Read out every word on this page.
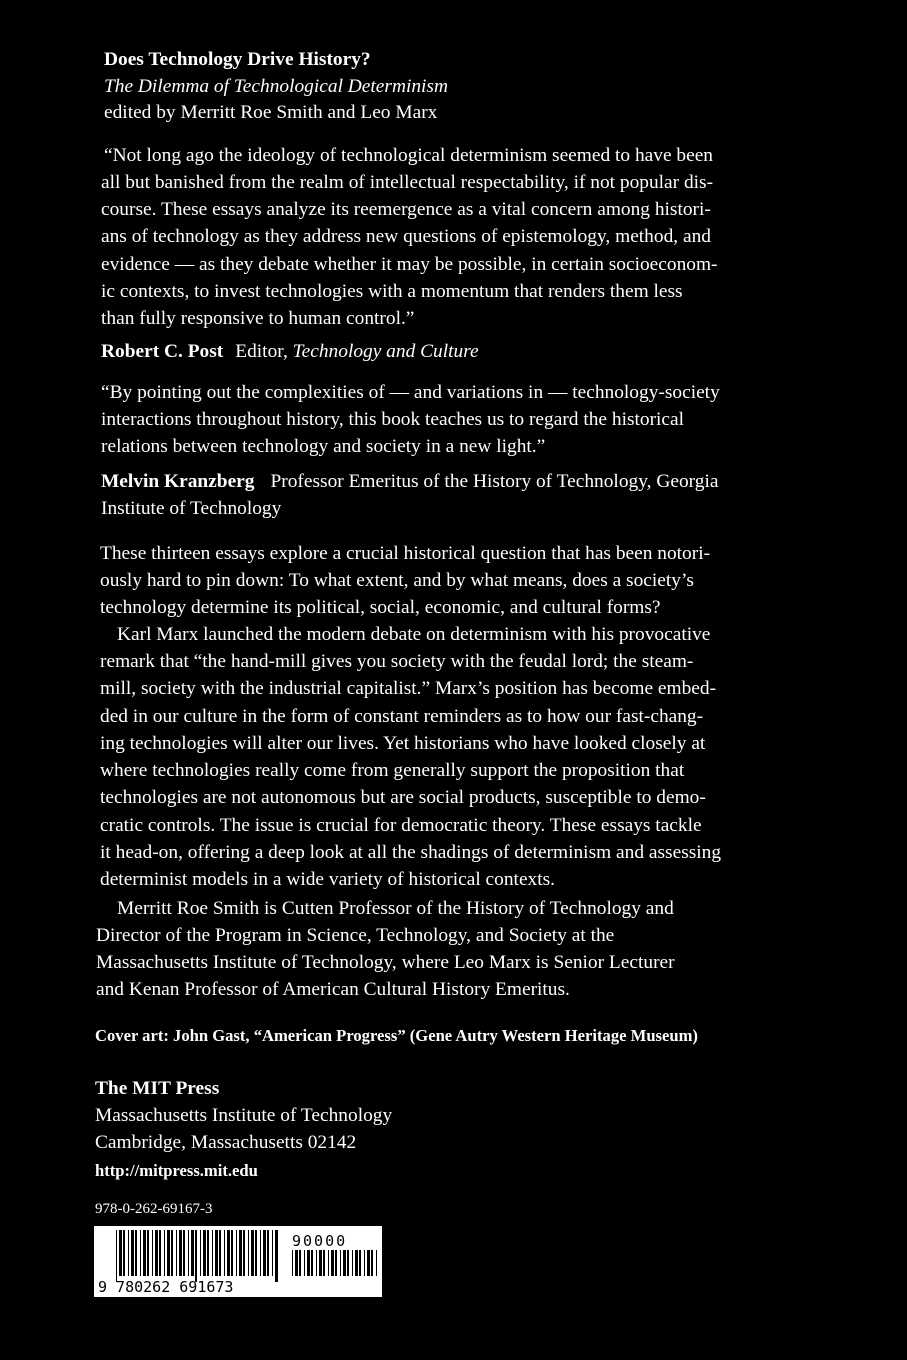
Does Technology Drive History?
The Dilemma of Technological Determinism
edited by Merritt Roe Smith and Leo Marx
“Not long ago the ideology of technological determinism seemed to have been
all but banished from the realm of intellectual respectability, if not popular dis-
course. These essays analyze its reemergence as a vital concern among histori-
ans of technology as they address new questions of epistemology, method, and
evidence — as they debate whether it may be possible, in certain socioeconom-
ic contexts, to invest technologies with a momentum that renders them less
than fully responsive to human control.”
Robert C. Post Editor, Technology and Culture
“By pointing out the complexities of — and variations in — technology-society
interactions throughout history, this book teaches us to regard the historical
relations between technology and society in a new light.”
Melvin Kranzberg Professor Emeritus of the History of Technology, Georgia
Institute of Technology
These thirteen essays explore a crucial historical question that has been notori-
ously hard to pin down: To what extent, and by what means, does a society’s
technology determine its political, social, economic, and cultural forms?
Karl Marx launched the modern debate on determinism with his provocative
remark that “the hand-mill gives you society with the feudal lord; the steam-
mill, society with the industrial capitalist.” Marx’s position has become embed-
ded in our culture in the form of constant reminders as to how our fast-chang-
ing technologies will alter our lives. Yet historians who have looked closely at
where technologies really come from generally support the proposition that
technologies are not autonomous but are social products, susceptible to demo-
cratic controls. The issue is crucial for democratic theory. These essays tackle
it head-on, offering a deep look at all the shadings of determinism and assessing
determinist models in a wide variety of historical contexts.
Merritt Roe Smith is Cutten Professor of the History of Technology and
Director of the Program in Science, Technology, and Society at the
Massachusetts Institute of Technology, where Leo Marx is Senior Lecturer
and Kenan Professor of American Cultural History Emeritus.
Cover art: John Gast, “American Progress” (Gene Autry Western Heritage Museum)
The MIT Press
Massachusetts Institute of Technology
Cambridge, Massachusetts 02142
http://mitpress.mit.edu
978-0-262-69167-3
9 780262 691673
90000
